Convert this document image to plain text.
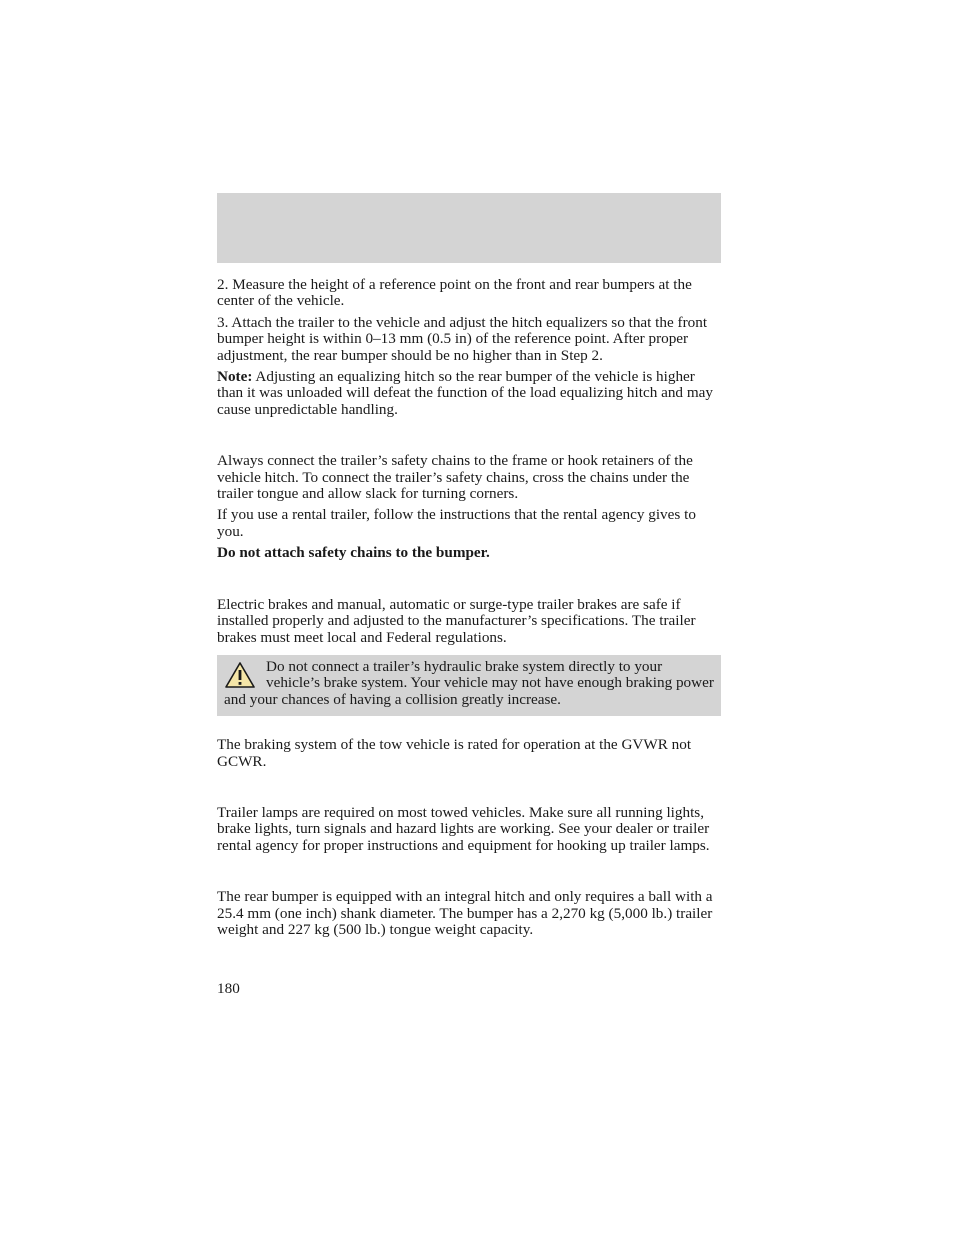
2. Measure the height of a reference point on the front and rear bumpers at the center of the vehicle.

3. Attach the trailer to the vehicle and adjust the hitch equalizers so that the front bumper height is within 0–13 mm (0.5 in) of the reference point. After proper adjustment, the rear bumper should be no higher than in Step 2.

Note: Adjusting an equalizing hitch so the rear bumper of the vehicle is higher than it was unloaded will defeat the function of the load equalizing hitch and may cause unpredictable handling.

Always connect the trailer’s safety chains to the frame or hook retainers of the vehicle hitch. To connect the trailer’s safety chains, cross the chains under the trailer tongue and allow slack for turning corners.

If you use a rental trailer, follow the instructions that the rental agency gives to you.

Do not attach safety chains to the bumper.

Electric brakes and manual, automatic or surge-type trailer brakes are safe if installed properly and adjusted to the manufacturer’s specifications. The trailer brakes must meet local and Federal regulations.

Do not connect a trailer’s hydraulic brake system directly to your vehicle’s brake system. Your vehicle may not have enough braking power and your chances of having a collision greatly increase.

The braking system of the tow vehicle is rated for operation at the GVWR not GCWR.

Trailer lamps are required on most towed vehicles. Make sure all running lights, brake lights, turn signals and hazard lights are working. See your dealer or trailer rental agency for proper instructions and equipment for hooking up trailer lamps.

The rear bumper is equipped with an integral hitch and only requires a ball with a 25.4 mm (one inch) shank diameter. The bumper has a 2,270 kg (5,000 lb.) trailer weight and 227 kg (500 lb.) tongue weight capacity.

180
